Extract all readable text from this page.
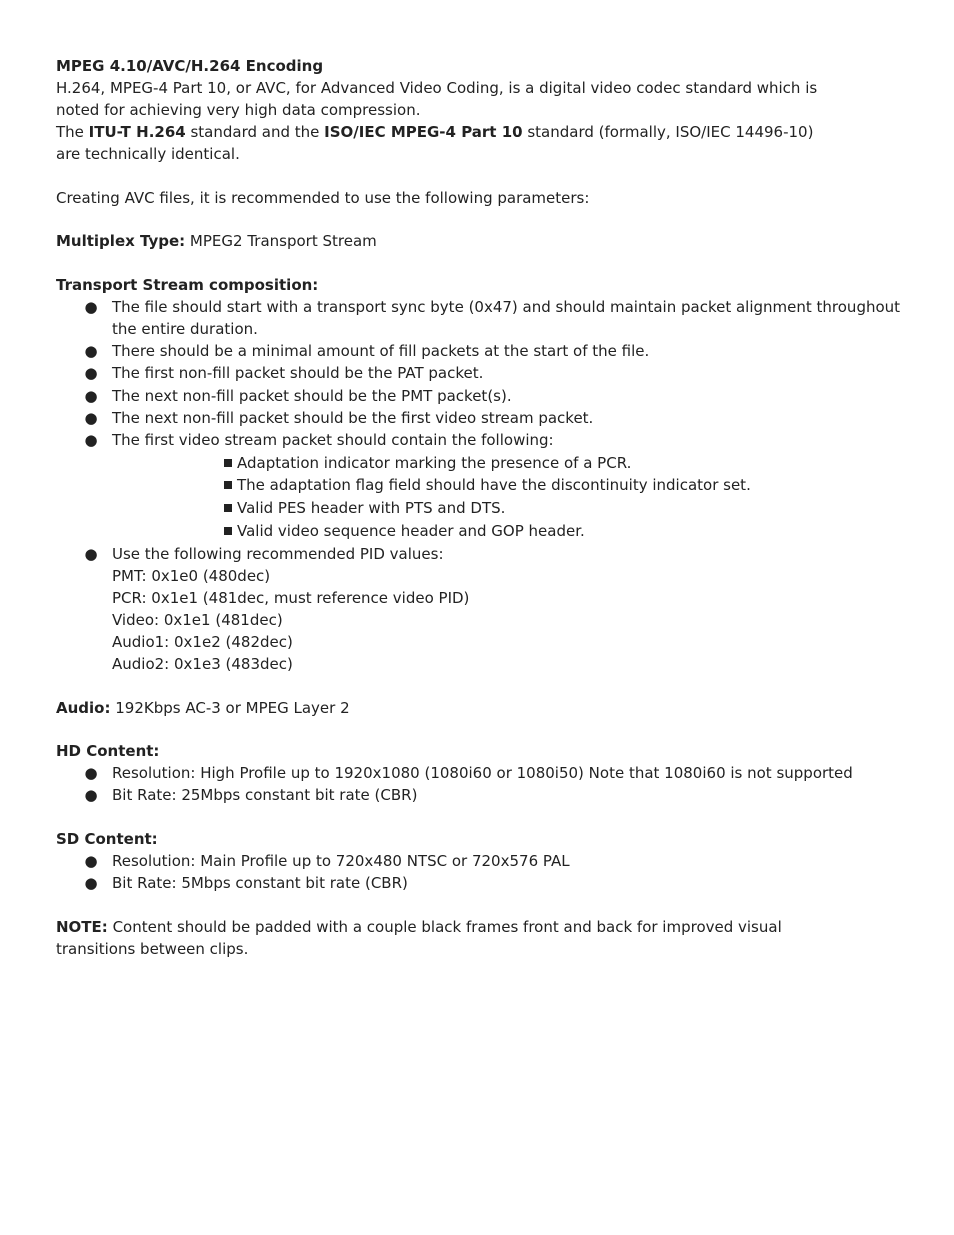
MPEG 4.10/AVC/H.264 Encoding
H.264, MPEG-4 Part 10, or AVC, for Advanced Video Coding, is a digital video codec standard which is
noted for achieving very high data compression.
The ITU-T H.264 standard and the ISO/IEC MPEG-4 Part 10 standard (formally, ISO/IEC 14496-10)
are technically identical.
Creating AVC files, it is recommended to use the following parameters:
Multiplex Type: MPEG2 Transport Stream
Transport Stream composition:
● The file should start with a transport sync byte (0x47) and should maintain packet alignment throughout the entire duration.
● There should be a minimal amount of fill packets at the start of the file.
● The first non-fill packet should be the PAT packet.
● The next non-fill packet should be the PMT packet(s).
● The next non-fill packet should be the first video stream packet.
● The first video stream packet should contain the following:
Adaptation indicator marking the presence of a PCR.
The adaptation flag field should have the discontinuity indicator set.
Valid PES header with PTS and DTS.
Valid video sequence header and GOP header.
● Use the following recommended PID values:
PMT: 0x1e0 (480dec)
PCR: 0x1e1 (481dec, must reference video PID)
Video: 0x1e1 (481dec)
Audio1: 0x1e2 (482dec)
Audio2: 0x1e3 (483dec)
Audio: 192Kbps AC-3 or MPEG Layer 2
HD Content:
● Resolution: High Profile up to 1920x1080 (1080i60 or 1080i50) Note that 1080i60 is not supported
● Bit Rate: 25Mbps constant bit rate (CBR)
SD Content:
● Resolution: Main Profile up to 720x480 NTSC or 720x576 PAL
● Bit Rate: 5Mbps constant bit rate (CBR)
NOTE: Content should be padded with a couple black frames front and back for improved visual
transitions between clips.
